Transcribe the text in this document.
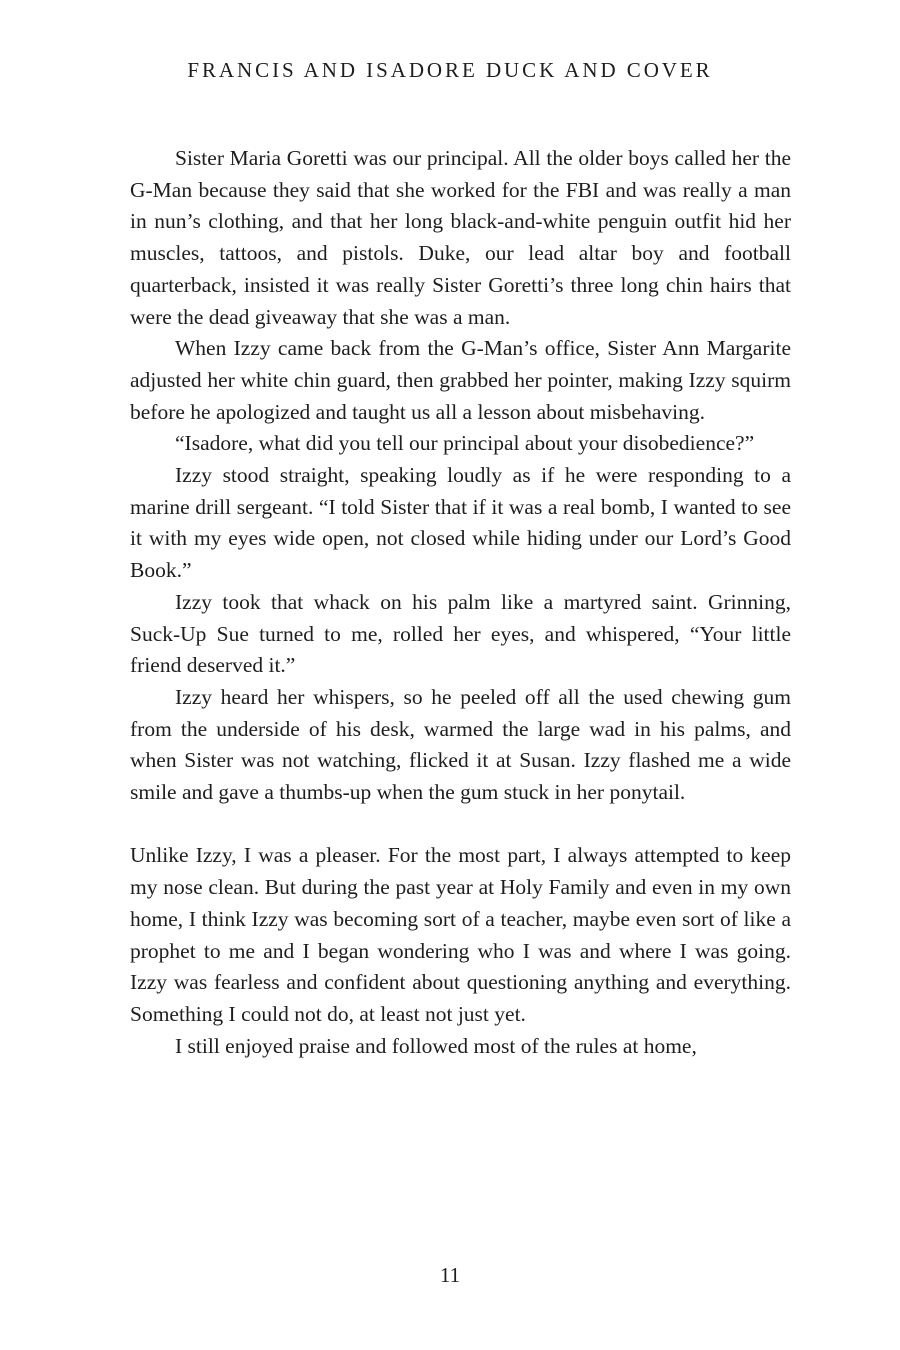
FRANCIS AND ISADORE DUCK AND COVER

Sister Maria Goretti was our principal. All the older boys called her the G-Man because they said that she worked for the FBI and was really a man in nun’s clothing, and that her long black-and-white penguin outfit hid her muscles, tattoos, and pistols. Duke, our lead altar boy and football quarterback, insisted it was really Sister Goretti’s three long chin hairs that were the dead giveaway that she was a man.

When Izzy came back from the G-Man’s office, Sister Ann Margarite adjusted her white chin guard, then grabbed her pointer, making Izzy squirm before he apologized and taught us all a lesson about misbehaving.

“Isadore, what did you tell our principal about your disobedience?”

Izzy stood straight, speaking loudly as if he were responding to a marine drill sergeant. “I told Sister that if it was a real bomb, I wanted to see it with my eyes wide open, not closed while hiding under our Lord’s Good Book.”

Izzy took that whack on his palm like a martyred saint. Grinning, Suck-Up Sue turned to me, rolled her eyes, and whispered, “Your little friend deserved it.”

Izzy heard her whispers, so he peeled off all the used chewing gum from the underside of his desk, warmed the large wad in his palms, and when Sister was not watching, flicked it at Susan. Izzy flashed me a wide smile and gave a thumbs-up when the gum stuck in her ponytail.

Unlike Izzy, I was a pleaser. For the most part, I always attempted to keep my nose clean. But during the past year at Holy Family and even in my own home, I think Izzy was becoming sort of a teacher, maybe even sort of like a prophet to me and I began wondering who I was and where I was going. Izzy was fearless and confident about questioning anything and everything. Something I could not do, at least not just yet.

I still enjoyed praise and followed most of the rules at home,

11
